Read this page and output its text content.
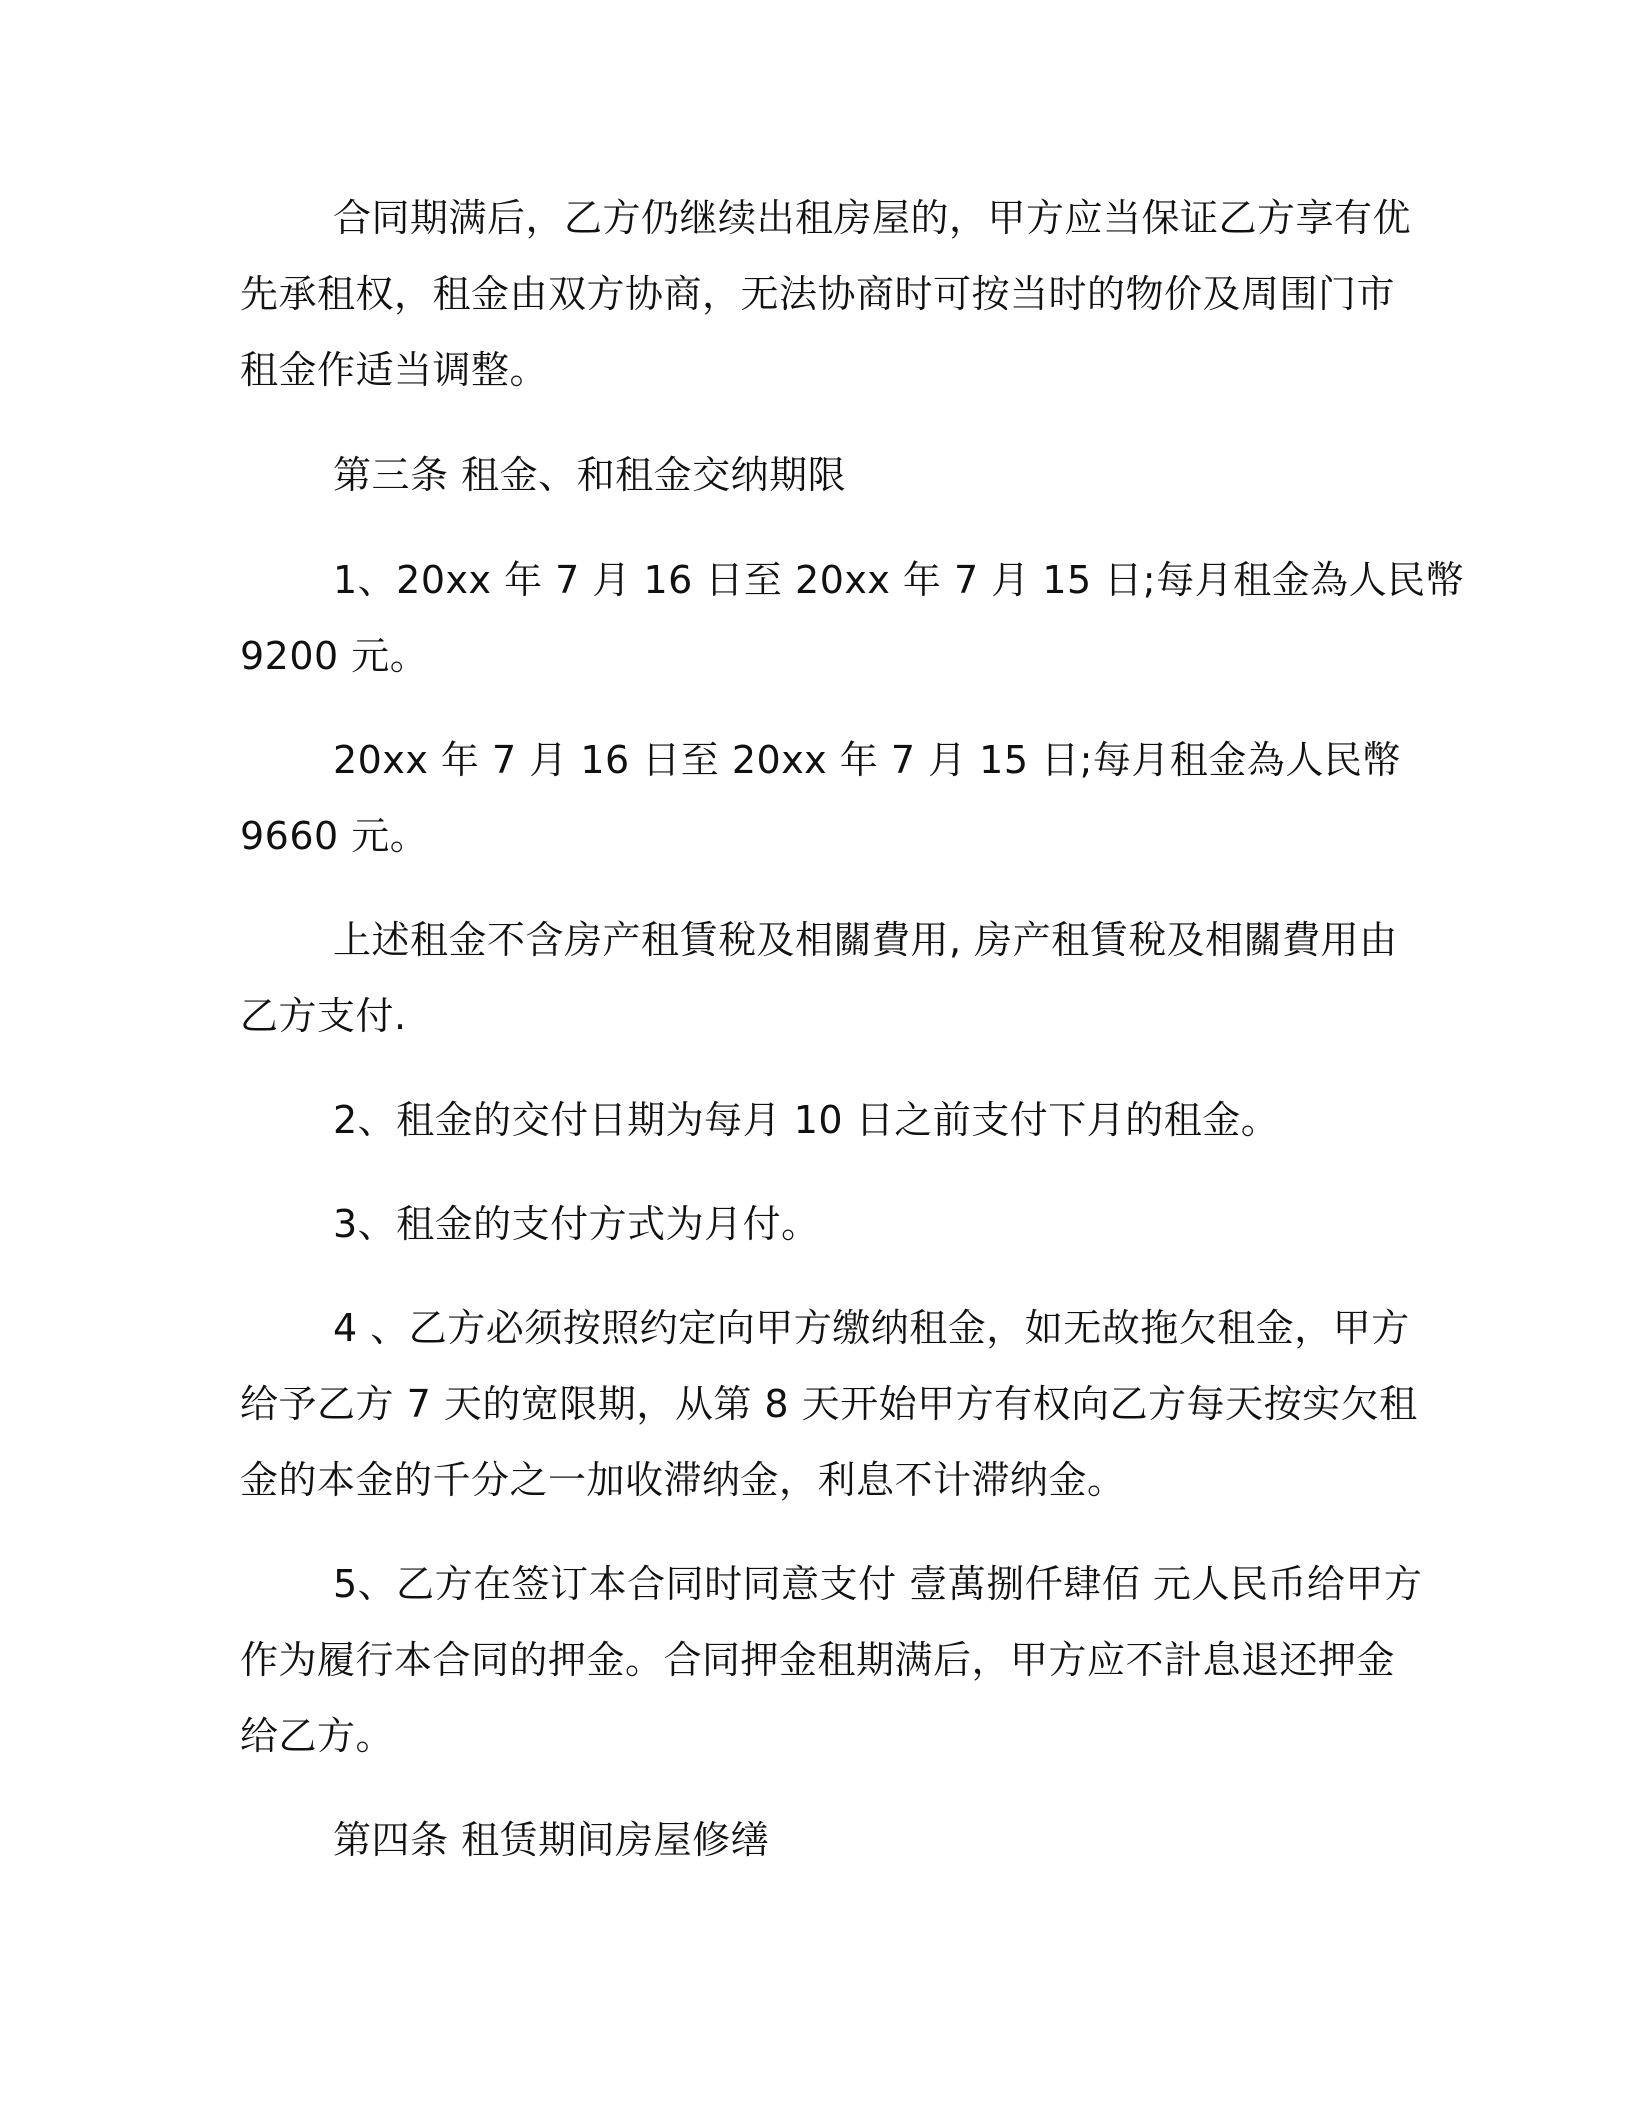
合同期满后，乙方仍继续出租房屋的，甲方应当保证乙方享有优
先承租权，租金由双方协商，无法协商时可按当时的物价及周围门市
租金作适当调整。
第三条 租金、和租金交纳期限
1、20xx 年 7 月 16 日至 20xx 年 7 月 15 日;每月租金為人民幣
9200 元。
20xx 年 7 月 16 日至 20xx 年 7 月 15 日;每月租金為人民幣
9660 元。
上述租金不含房产租賃稅及相關費用, 房产租賃稅及相關費用由
乙方支付.
2、租金的交付日期为每月 10 日之前支付下月的租金。
3、租金的支付方式为月付。
4 、乙方必须按照约定向甲方缴纳租金，如无故拖欠租金，甲方
给予乙方 7 天的宽限期，从第 8 天开始甲方有权向乙方每天按实欠租
金的本金的千分之一加收滞纳金，利息不计滞纳金。
5、乙方在签订本合同时同意支付 壹萬捌仟肆佰 元人民币给甲方
作为履行本合同的押金。合同押金租期满后，甲方应不計息退还押金
给乙方。
第四条 租赁期间房屋修缮
